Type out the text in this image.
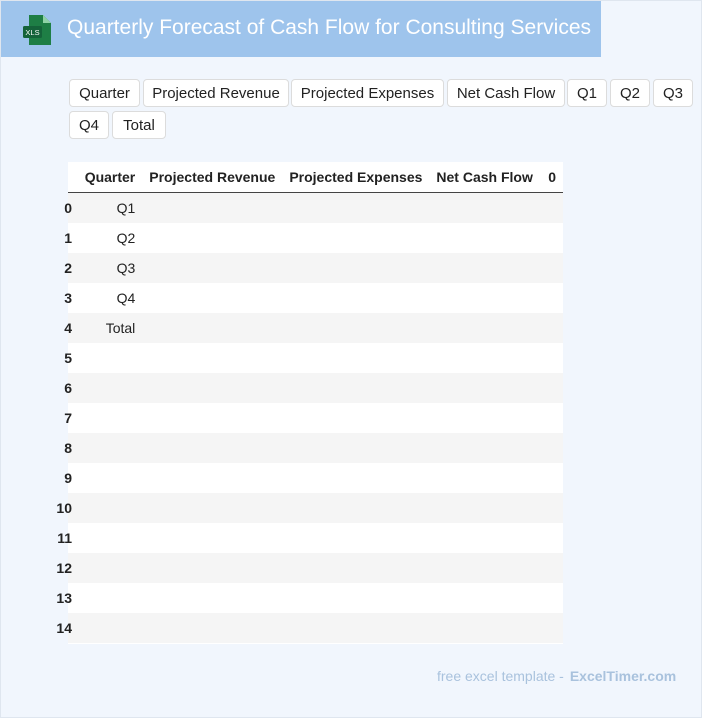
XLS Quarterly Forecast of Cash Flow for Consulting Services
Quarter	Projected Revenue	Projected Expenses	Net Cash Flow	Q1	Q2	Q3
Q4	Total
	Quarter	Projected Revenue	Projected Expenses	Net Cash Flow	0
0	Q1				
1	Q2				
2	Q3				
3	Q4				
4	Total				
5					
6					
7					
8					
9					
10					
11					
12					
13					
14					
free excel template - ExcelTimer.com
